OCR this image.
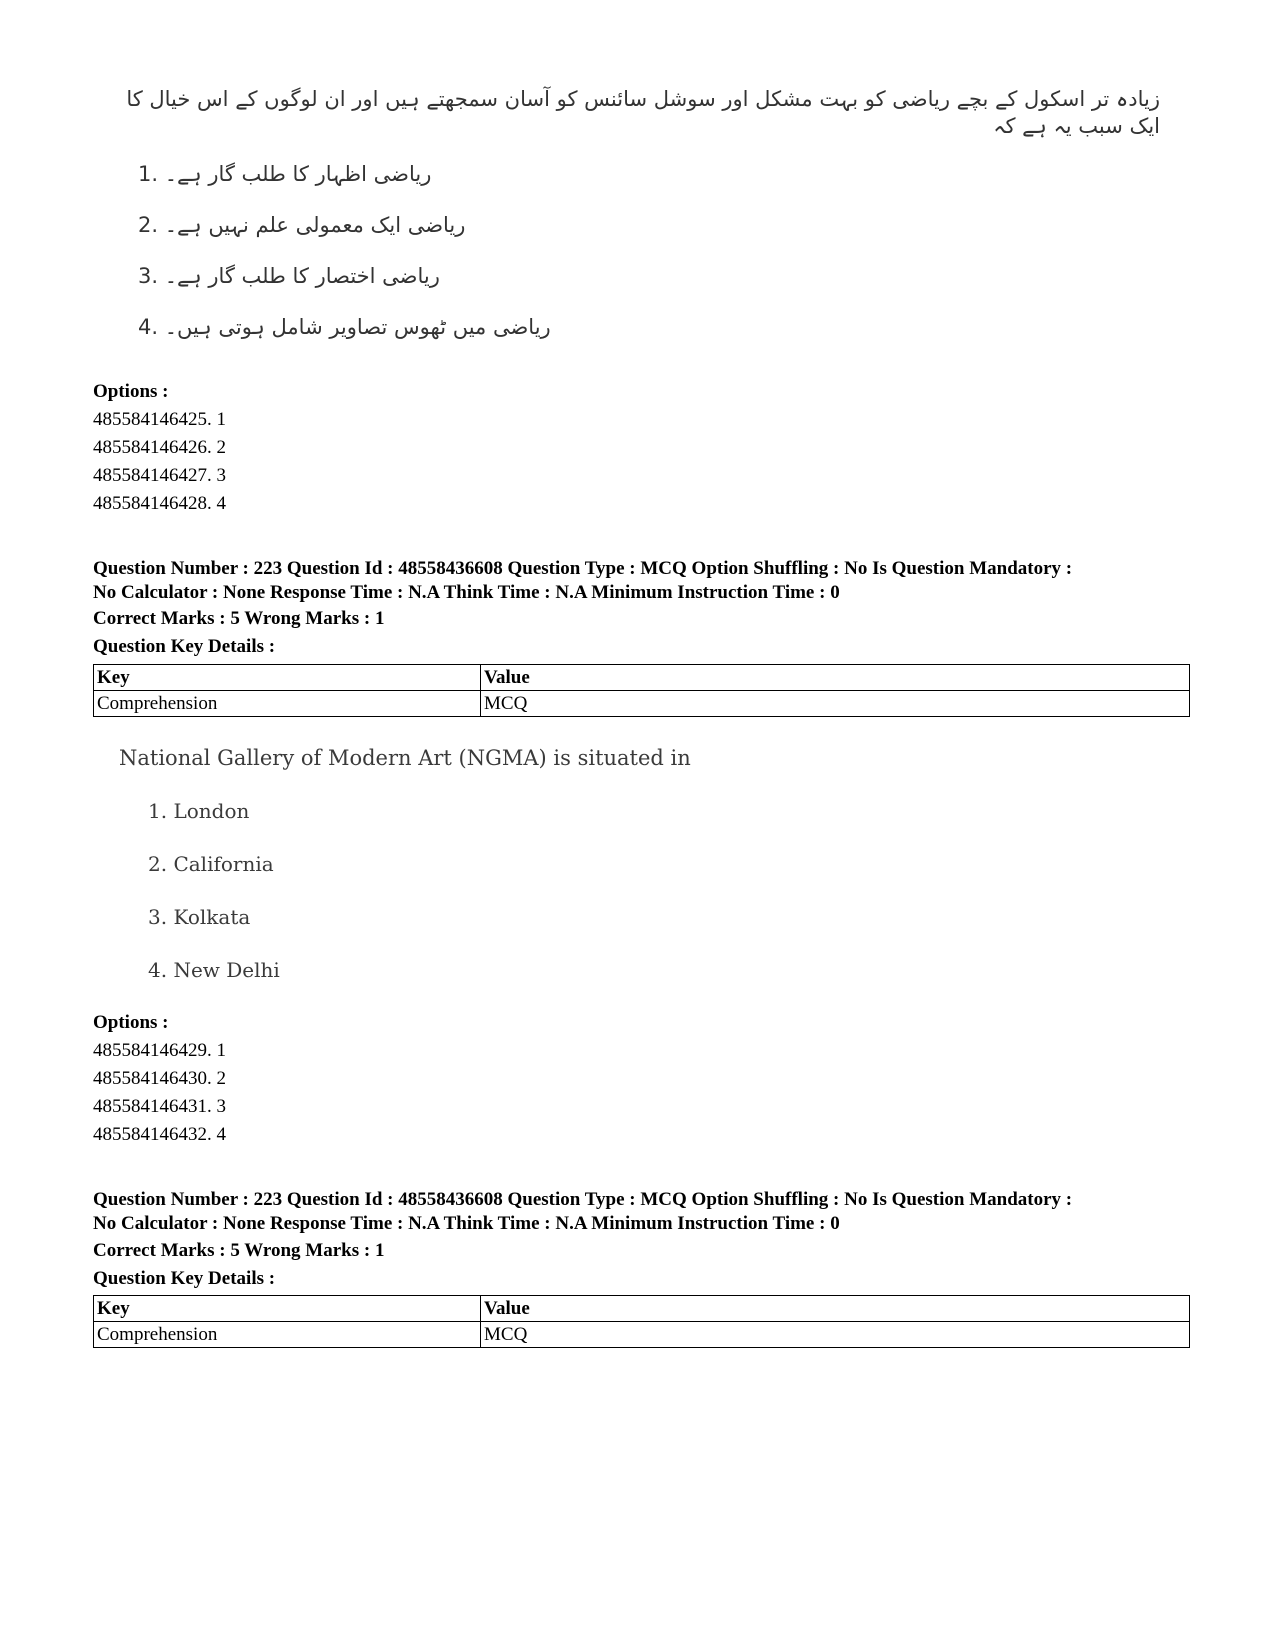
زیادہ تر اسکول کے بچے ریاضی کو بہت مشکل اور سوشل سائنس کو آسان سمجھتے ہیں اور ان لوگوں کے اس خیال کا ایک سبب یہ ہے کہ
1. ریاضی اظہار کا طلب گار ہے۔
2. ریاضی ایک معمولی علم نہیں ہے۔
3. ریاضی اختصار کا طلب گار ہے۔
4. ریاضی میں ٹھوس تصاویر شامل ہوتی ہیں۔
Options :
485584146425. 1
485584146426. 2
485584146427. 3
485584146428. 4
Question Number : 223 Question Id : 48558436608 Question Type : MCQ Option Shuffling : No Is Question Mandatory :
No Calculator : None Response Time : N.A Think Time : N.A Minimum Instruction Time : 0
Correct Marks : 5 Wrong Marks : 1
Question Key Details :
Key	Value
Comprehension	MCQ
National Gallery of Modern Art (NGMA) is situated in
1. London
2. California
3. Kolkata
4. New Delhi
Options :
485584146429. 1
485584146430. 2
485584146431. 3
485584146432. 4
Question Number : 223 Question Id : 48558436608 Question Type : MCQ Option Shuffling : No Is Question Mandatory :
No Calculator : None Response Time : N.A Think Time : N.A Minimum Instruction Time : 0
Correct Marks : 5 Wrong Marks : 1
Question Key Details :
Key	Value
Comprehension	MCQ
